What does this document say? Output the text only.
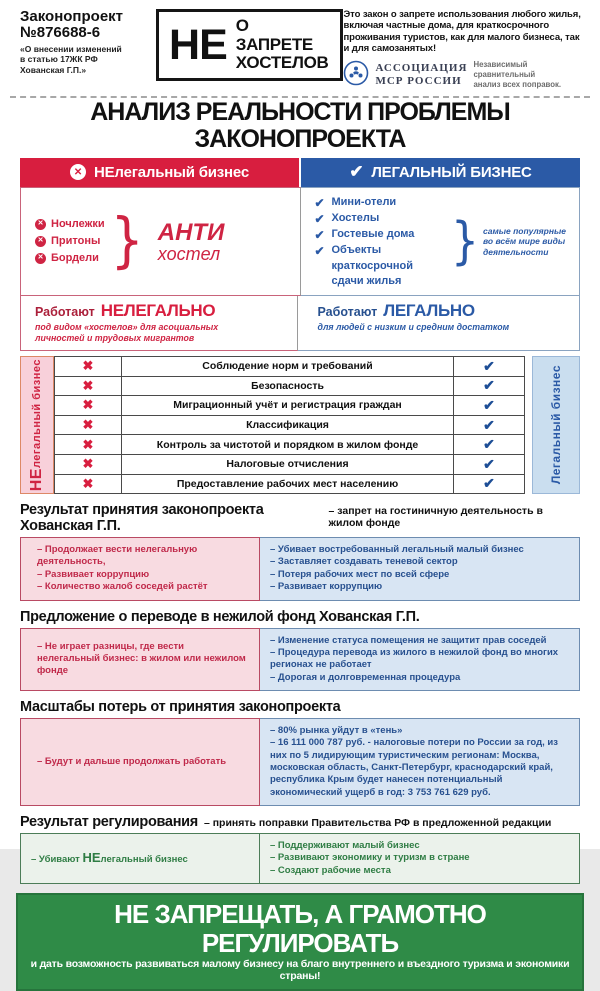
Законопроект
№876688-6
«О внесении изменений
в статью 17ЖК РФ
Хованская Г.П.»
НЕ О ЗАПРЕТЕ
ХОСТЕЛОВ
Это закон о запрете использования любого жилья, включая частные дома, для краткосрочного проживания туристов, как для малого бизнеса, так и для самозанятых!
АССОЦИАЦИЯ
МСР РОССИИ
Независимый сравнительный
анализ всех поправок.
АНАЛИЗ РЕАЛЬНОСТИ ПРОБЛЕМЫ ЗАКОНОПРОЕКТА
✕ НЕлегальный бизнес	✔ ЛЕГАЛЬНЫЙ БИЗНЕС
✕ Ночлежки
✕ Притоны
✕ Бордели } АНТИ
хостел
✔ Мини-отели
✔ Хостелы
✔ Гостевые дома
✔ Объекты
краткосрочной сдачи жилья
} самые популярные во всём мире виды деятельности
Работают НЕЛЕГАЛЬНО
под видом «хостелов» для асоциальных
личностей и трудовых мигрантов
Работают ЛЕГАЛЬНО
для людей с низким и средним достатком
НЕлегальный бизнес	✖	Соблюдение норм и требований	✔
✖	Безопасность	✔
✖	Миграционный учёт и регистрация граждан	✔
✖	Классификация	✔
✖	Контроль за чистотой и порядком в жилом фонде	✔
✖	Налоговые отчисления	✔
✖	Предоставление рабочих мест населению	✔	Легальный бизнес
Результат принятия законопроекта Хованская Г.П.
– запрет на гостиничную деятельность в жилом фонде
– Продолжает вести нелегальную деятельность,
– Развивает коррупцию
– Количество жалоб соседей растёт
– Убивает востребованный легальный малый бизнес
– Заставляет создавать теневой сектор
– Потеря рабочих мест по всей сфере
– Развивает коррупцию
Предложение о переводе в нежилой фонд Хованская Г.П.
– Не играет разницы, где вести нелегальный бизнес: в жилом или нежилом фонде
– Изменение статуса помещения не защитит прав соседей
– Процедура перевода из жилого в нежилой фонд во многих регионах не работает
– Дорогая и долговременная процедура
Масштабы потерь от принятия законопроекта
– Будут и дальше продолжать работать
– 80% рынка уйдут в «тень»
– 16 111 000 787 руб. - налоговые потери по России за год, из них по 5 лидирующим туристическим регионам: Москва, московская область, Санкт-Петербург, краснодарский край, республика Крым будет нанесен потенциальный экономический ущерб в год: 3 753 761 629 руб.
Результат регулирования – принять поправки Правительства РФ в предложенной редакции
– Убивают НЕлегальный бизнес
– Поддерживают малый бизнес
– Развивают экономику и туризм в стране
– Создают рабочие места
НЕ ЗАПРЕЩАТЬ, А ГРАМОТНО РЕГУЛИРОВАТЬ
и дать возможность развиваться малому бизнесу на благо внутреннего и въездного туризма и экономики страны!
